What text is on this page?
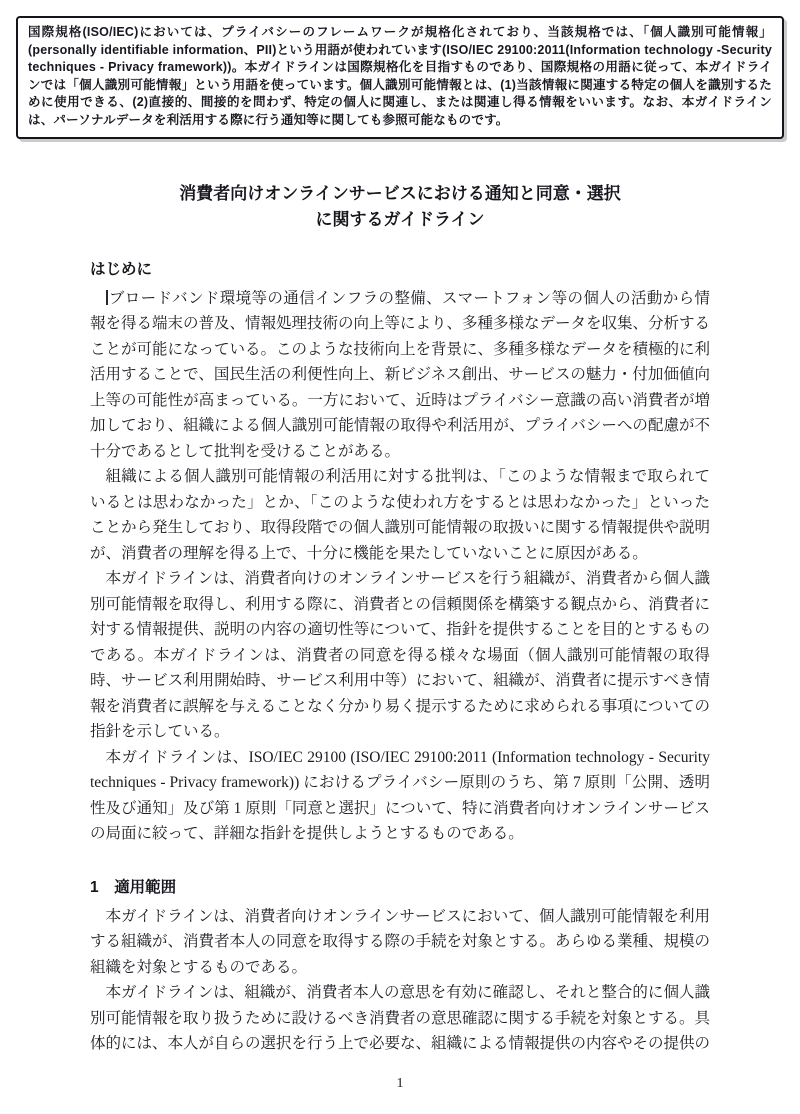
国際規格(ISO/IEC)においては、プライバシーのフレームワークが規格化されており、当該規格では、「個人識別可能情報」(personally identifiable information、PII)という用語が使われています(ISO/IEC 29100:2011(Information technology -Security techniques - Privacy framework))。本ガイドラインは国際規格化を目指すものであり、国際規格の用語に従って、本ガイドラインでは「個人識別可能情報」という用語を使っています。個人識別可能情報とは、(1)当該情報に関連する特定の個人を識別するために使用できる、(2)直接的、間接的を問わず、特定の個人に関連し、または関連し得る情報をいいます。なお、本ガイドラインは、パーソナルデータを利活用する際に行う通知等に関しても参照可能なものです。

消費者向けオンラインサービスにおける通知と同意・選択
に関するガイドライン
はじめに

ブロードバンド環境等の通信インフラの整備、スマートフォン等の個人の活動から情報を得る端末の普及、情報処理技術の向上等により、多種多様なデータを収集、分析することが可能になっている。このような技術向上を背景に、多種多様なデータを積極的に利活用することで、国民生活の利便性向上、新ビジネス創出、サービスの魅力・付加価値向上等の可能性が高まっている。一方において、近時はプライバシー意識の高い消費者が増加しており、組織による個人識別可能情報の取得や利活用が、プライバシーへの配慮が不十分であるとして批判を受けることがある。

組織による個人識別可能情報の利活用に対する批判は、「このような情報まで取られているとは思わなかった」とか、「このような使われ方をするとは思わなかった」といったことから発生しており、取得段階での個人識別可能情報の取扱いに関する情報提供や説明が、消費者の理解を得る上で、十分に機能を果たしていないことに原因がある。

本ガイドラインは、消費者向けのオンラインサービスを行う組織が、消費者から個人識別可能情報を取得し、利用する際に、消費者との信頼関係を構築する観点から、消費者に対する情報提供、説明の内容の適切性等について、指針を提供することを目的とするものである。本ガイドラインは、消費者の同意を得る様々な場面（個人識別可能情報の取得時、サービス利用開始時、サービス利用中等）において、組織が、消費者に提示すべき情報を消費者に誤解を与えることなく分かり易く提示するために求められる事項についての指針を示している。

本ガイドラインは、ISO/IEC 29100 (ISO/IEC 29100:2011 (Information technology - Security techniques - Privacy framework)) におけるプライバシー原則のうち、第 7 原則「公開、透明性及び通知」及び第 1 原則「同意と選択」について、特に消費者向けオンラインサービスの局面に絞って、詳細な指針を提供しようとするものである。

1　適用範囲

本ガイドラインは、消費者向けオンラインサービスにおいて、個人識別可能情報を利用する組織が、消費者本人の同意を取得する際の手続を対象とする。あらゆる業種、規模の組織を対象とするものである。

本ガイドラインは、組織が、消費者本人の意思を有効に確認し、それと整合的に個人識別可能情報を取り扱うために設けるべき消費者の意思確認に関する手続を対象とする。具体的には、本人が自らの選択を行う上で必要な、組織による情報提供の内容やその提供の

1
